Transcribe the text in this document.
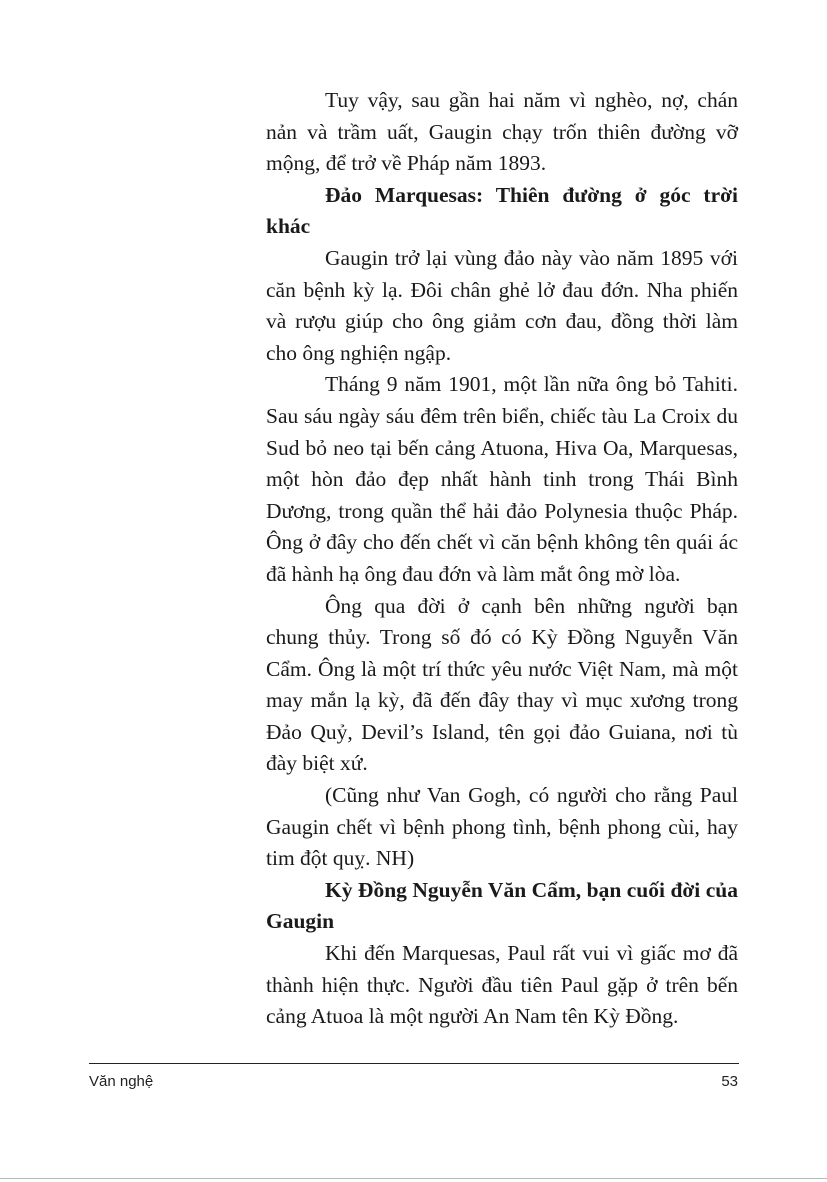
Tuy vậy, sau gần hai năm vì nghèo, nợ, chán nản và trầm uất, Gaugin chạy trốn thiên đường vỡ mộng, để trở về Pháp năm 1893.

Đảo Marquesas: Thiên đường ở góc trời khác

Gaugin trở lại vùng đảo này vào năm 1895 với căn bệnh kỳ lạ. Đôi chân ghẻ lở đau đớn. Nha phiến và rượu giúp cho ông giảm cơn đau, đồng thời làm cho ông nghiện ngập.

Tháng 9 năm 1901, một lần nữa ông bỏ Tahiti. Sau sáu ngày sáu đêm trên biển, chiếc tàu La Croix du Sud bỏ neo tại bến cảng Atuona, Hiva Oa, Marquesas, một hòn đảo đẹp nhất hành tinh trong Thái Bình Dương, trong quần thể hải đảo Polynesia thuộc Pháp. Ông ở đây cho đến chết vì căn bệnh không tên quái ác đã hành hạ ông đau đớn và làm mắt ông mờ lòa.

Ông qua đời ở cạnh bên những người bạn chung thủy. Trong số đó có Kỳ Đồng Nguyễn Văn Cẩm. Ông là một trí thức yêu nước Việt Nam, mà một may mắn lạ kỳ, đã đến đây thay vì mục xương trong Đảo Quỷ, Devil’s Island, tên gọi đảo Guiana, nơi tù đày biệt xứ.

(Cũng như Van Gogh, có người cho rằng Paul Gaugin chết vì bệnh phong tình, bệnh phong cùi, hay tim đột quỵ. NH)

Kỳ Đồng Nguyễn Văn Cẩm, bạn cuối đời của Gaugin

Khi đến Marquesas, Paul rất vui vì giấc mơ đã thành hiện thực. Người đầu tiên Paul gặp ở trên bến cảng Atuoa là một người An Nam tên Kỳ Đồng.

Văn nghệ	53
